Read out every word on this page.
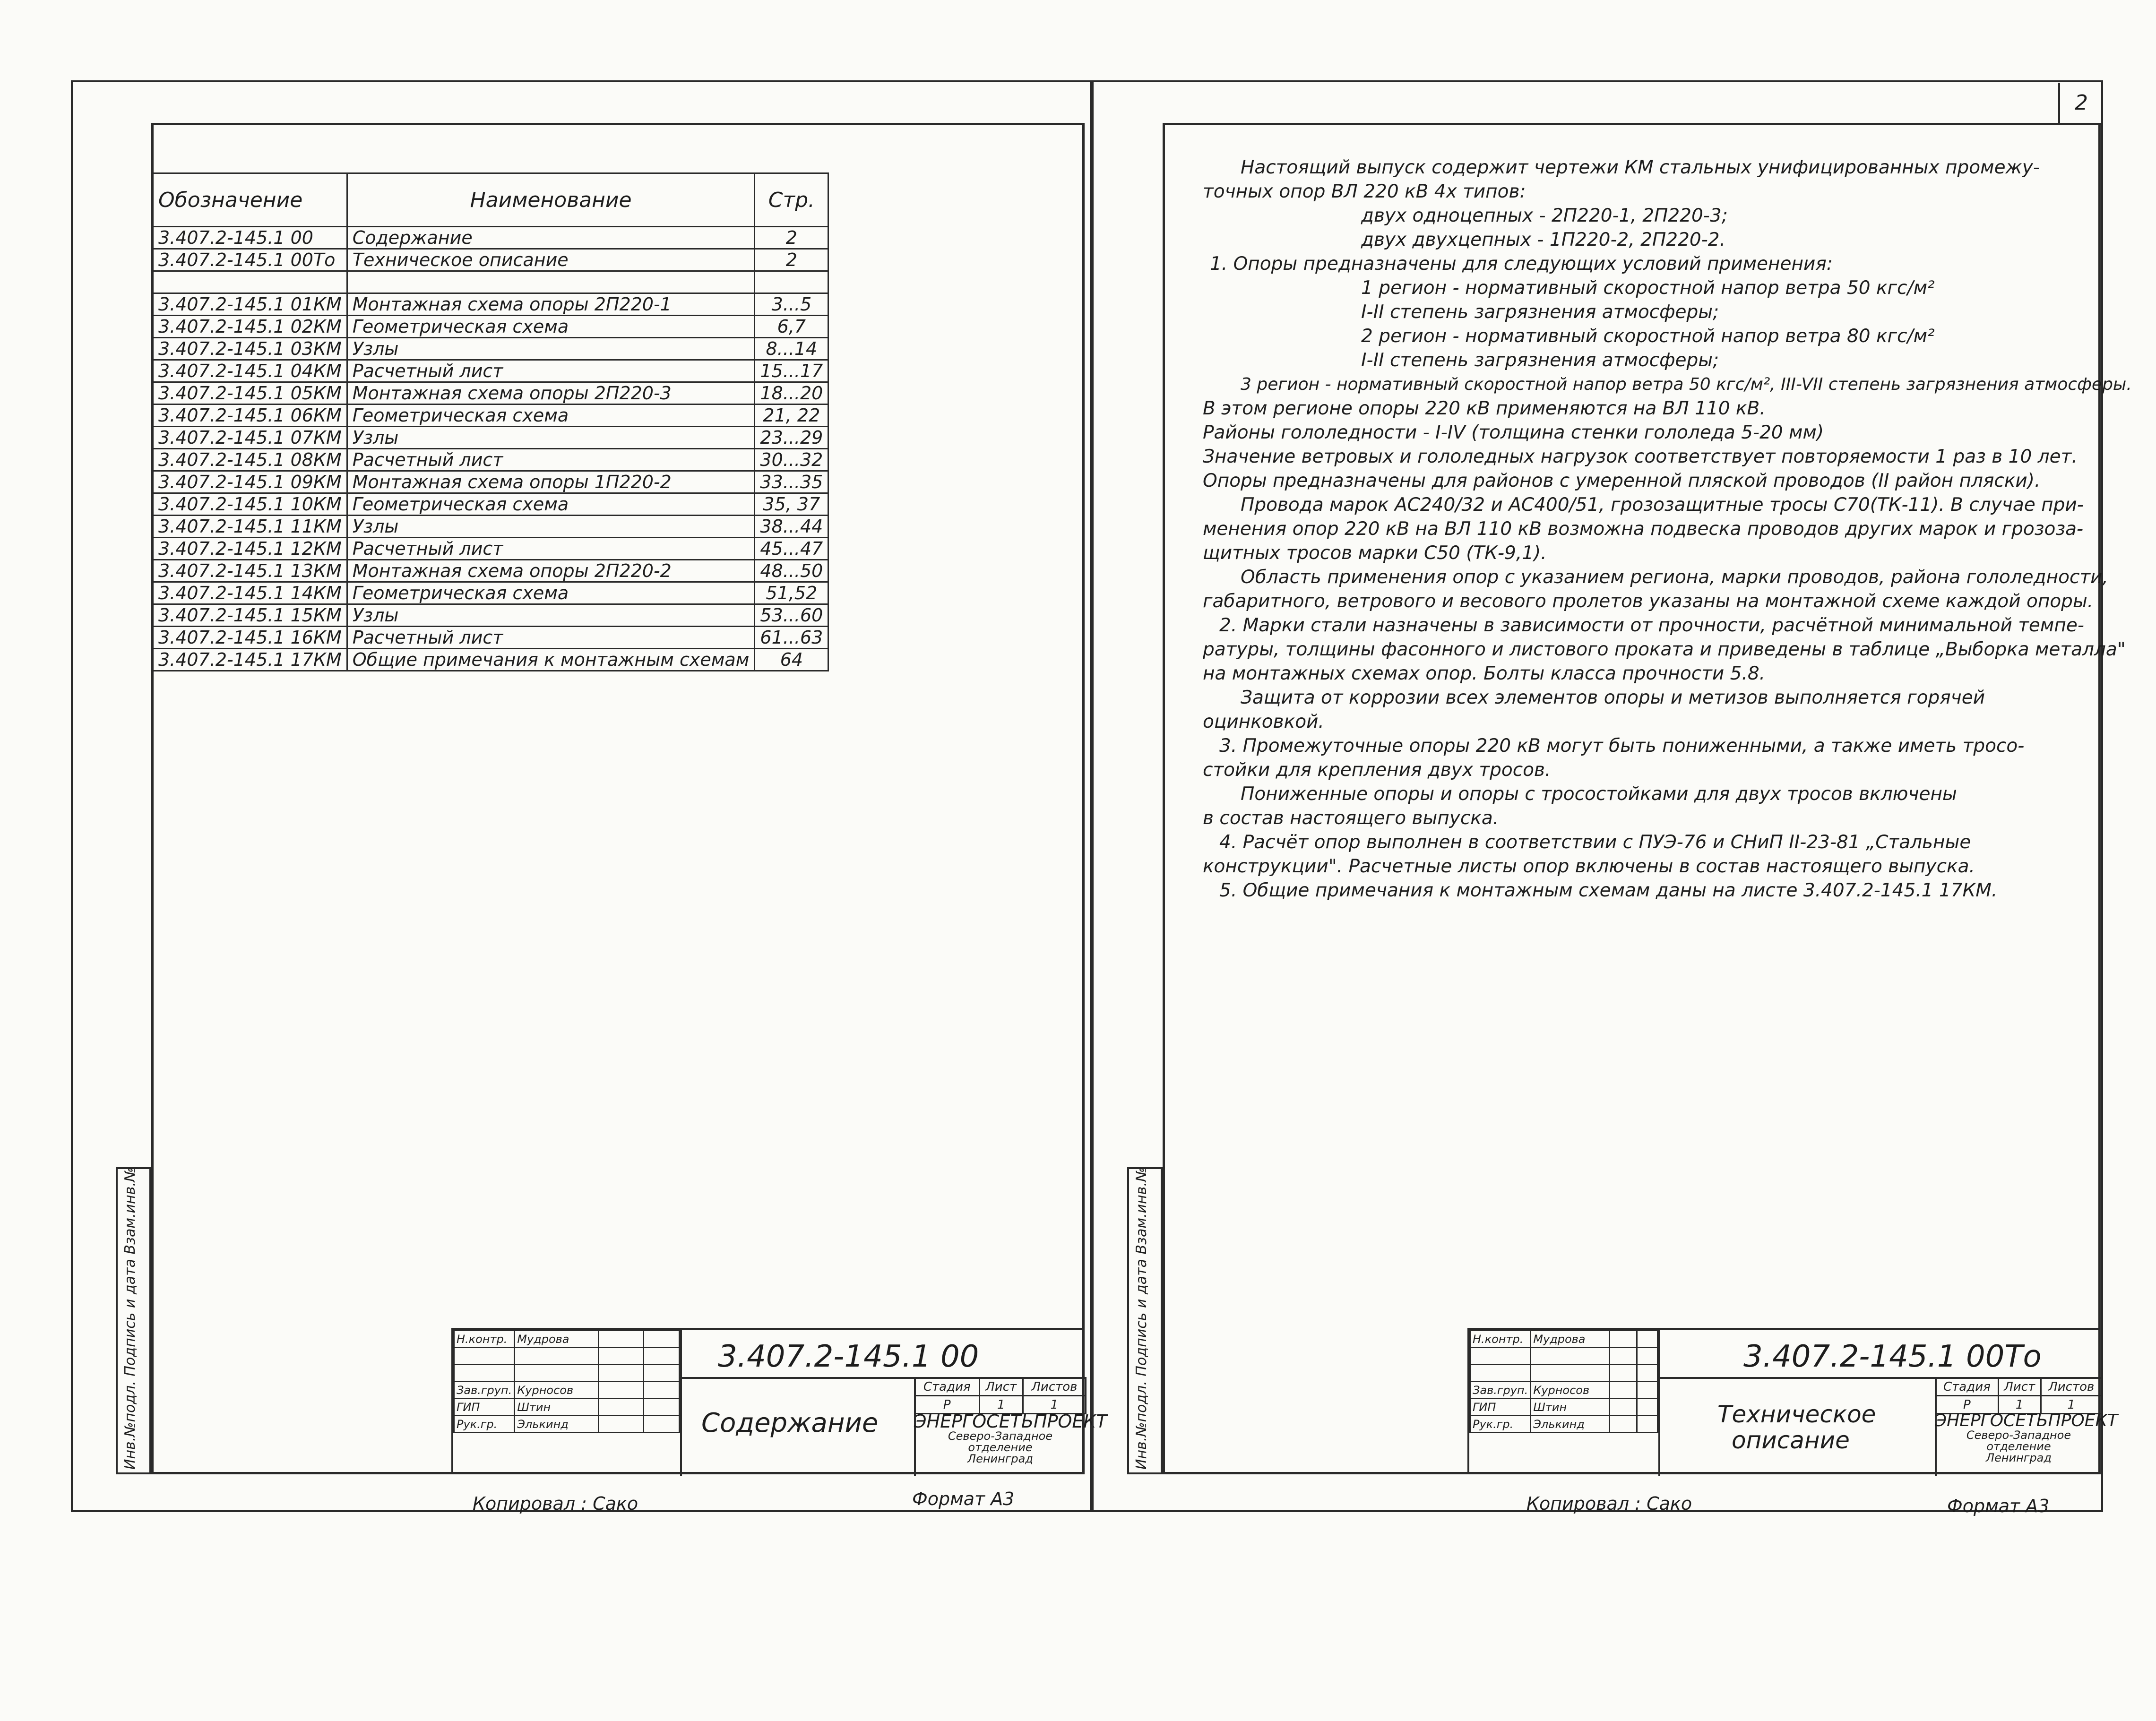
Инв.№подл. Подпись и дата Взам.инв.№
Обозначение	Наименование	Стр.
3.407.2-145.1 00	Содержание	2
3.407.2-145.1 00То	Техническое описание	2

3.407.2-145.1 01КМ	Монтажная схема опоры 2П220-1	3...5
3.407.2-145.1 02КМ	Геометрическая схема	6,7
3.407.2-145.1 03КМ	Узлы	8...14
3.407.2-145.1 04КМ	Расчетный лист	15...17
3.407.2-145.1 05КМ	Монтажная схема опоры 2П220-3	18...20
3.407.2-145.1 06КМ	Геометрическая схема	21, 22
3.407.2-145.1 07КМ	Узлы	23...29
3.407.2-145.1 08КМ	Расчетный лист	30...32
3.407.2-145.1 09КМ	Монтажная схема опоры 1П220-2	33...35
3.407.2-145.1 10КМ	Геометрическая схема	35, 37
3.407.2-145.1 11КМ	Узлы	38...44
3.407.2-145.1 12КМ	Расчетный лист	45...47
3.407.2-145.1 13КМ	Монтажная схема опоры 2П220-2	48...50
3.407.2-145.1 14КМ	Геометрическая схема	51,52
3.407.2-145.1 15КМ	Узлы	53...60
3.407.2-145.1 16КМ	Расчетный лист	61...63
3.407.2-145.1 17КМ	Общие примечания к монтажным схемам	64
Н.контр.	Мудрова		

Зав.груп.	Курносов		
ГИП	Штин		
Рук.гр.	Элькинд		
3.407.2-145.1 00
Содержание
Стадия	Лист	Листов
Р	1	1
ЭНЕРГОСЕТЬПРОЕКТ
Северо-Западное отделение
Ленинград
Копировал : Сако	Формат А3
2
Инв.№подл. Подпись и дата Взам.инв.№
Настоящий выпуск содержит чертежи КМ стальных унифицированных промежу-
точных опор ВЛ 220 кВ 4х типов:
двух одноцепных - 2П220-1, 2П220-3;
двух двухцепных - 1П220-2, 2П220-2.
1. Опоры предназначены для следующих условий применения:
1 регион - нормативный скоростной напор ветра 50 кгс/м²
I-II степень загрязнения атмосферы;
2 регион - нормативный скоростной напор ветра 80 кгс/м²
I-II степень загрязнения атмосферы;
3 регион - нормативный скоростной напор ветра 50 кгс/м², III-VII степень загрязнения атмосферы.
В этом регионе опоры 220 кВ применяются на ВЛ 110 кВ.
Районы гололедности - I-IV (толщина стенки гололеда 5-20 мм)
Значение ветровых и гололедных нагрузок соответствует повторяемости 1 раз в 10 лет.
Опоры предназначены для районов с умеренной пляской проводов (II район пляски).
Провода марок АС240/32 и АС400/51, грозозащитные тросы С70(ТК-11). В случае при-
менения опор 220 кВ на ВЛ 110 кВ возможна подвеска проводов других марок и грозоза-
щитных тросов марки С50 (ТК-9,1).
Область применения опор с указанием региона, марки проводов, района гололедности,
габаритного, ветрового и весового пролетов указаны на монтажной схеме каждой опоры.
2. Марки стали назначены в зависимости от прочности, расчётной минимальной темпе-
ратуры, толщины фасонного и листового проката и приведены в таблице „Выборка металла"
на монтажных схемах опор. Болты класса прочности 5.8.
Защита от коррозии всех элементов опоры и метизов выполняется горячей
оцинковкой.
3. Промежуточные опоры 220 кВ могут быть пониженными, а также иметь тросо-
стойки для крепления двух тросов.
Пониженные опоры и опоры с тросостойками для двух тросов включены
в состав настоящего выпуска.
4. Расчёт опор выполнен в соответствии с ПУЭ-76 и СНиП II-23-81 „Стальные
конструкции". Расчетные листы опор включены в состав настоящего выпуска.
5. Общие примечания к монтажным схемам даны на листе 3.407.2-145.1 17КМ.
Н.контр.	Мудрова		

Зав.груп.	Курносов		
ГИП	Штин		
Рук.гр.	Элькинд		
3.407.2-145.1 00То
Техническое
описание
Стадия	Лист	Листов
Р	1	1
ЭНЕРГОСЕТЬПРОЕКТ
Северо-Западное отделение
Ленинград
Копировал : Сако	Формат А3
